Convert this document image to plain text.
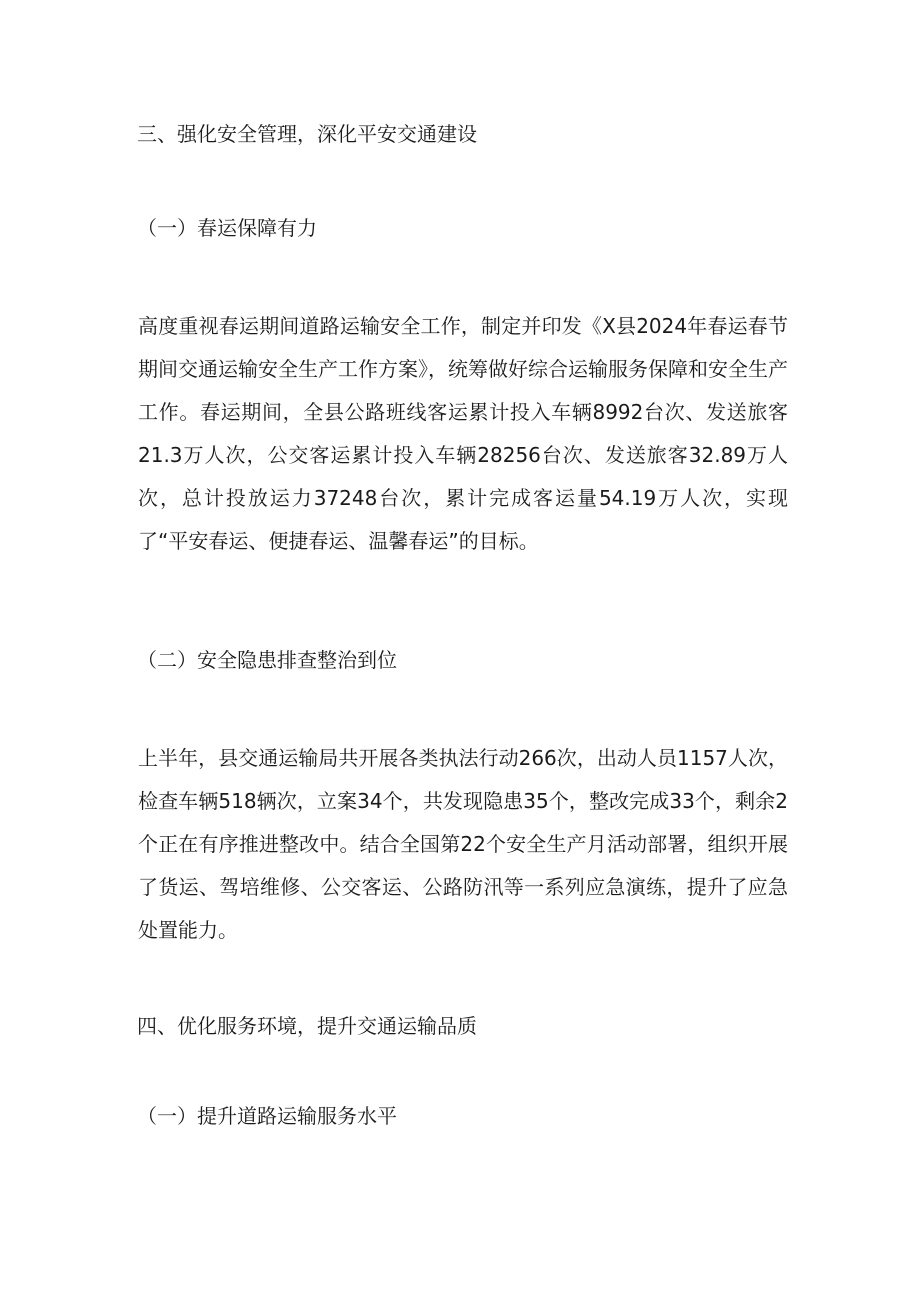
三、强化安全管理，深化平安交通建设
（一）春运保障有力

高度重视春运期间道路运输安全工作，制定并印发《X县2024年春运春节期间交通运输安全生产工作方案》，统筹做好综合运输服务保障和安全生产工作。春运期间，全县公路班线客运累计投入车辆8992台次、发送旅客21.3万人次，公交客运累计投入车辆28256台次、发送旅客32.89万人次，总计投放运力37248台次，累计完成客运量54.19万人次，实现了“平安春运、便捷春运、温馨春运”的目标。

（二）安全隐患排查整治到位

上半年，县交通运输局共开展各类执法行动266次，出动人员1157人次，检查车辆518辆次，立案34个，共发现隐患35个，整改完成33个，剩余2个正在有序推进整改中。结合全国第22个安全生产月活动部署，组织开展了货运、驾培维修、公交客运、公路防汛等一系列应急演练，提升了应急处置能力。

四、优化服务环境，提升交通运输品质
（一）提升道路运输服务水平
